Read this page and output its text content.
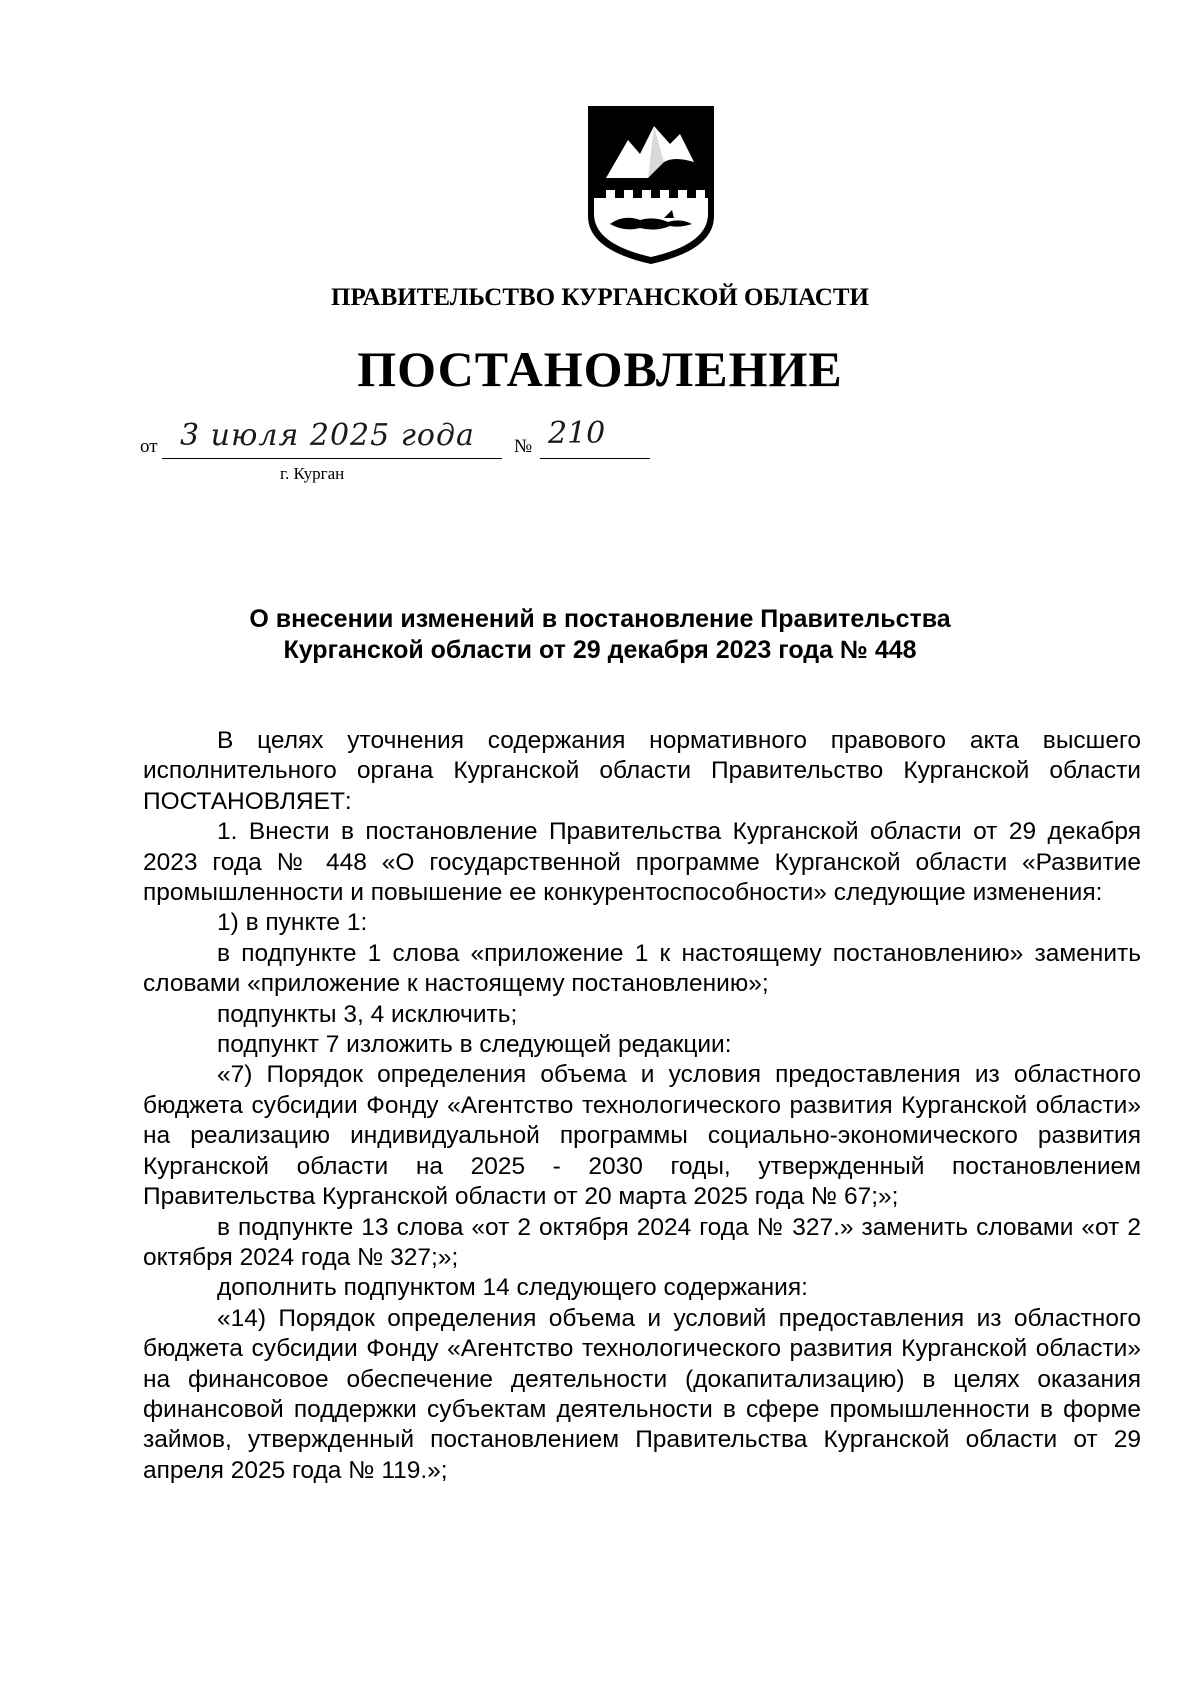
ПРАВИТЕЛЬСТВО КУРГАНСКОЙ ОБЛАСТИ
ПОСТАНОВЛЕНИЕ
от 3 июля 2025 года № 210
г. Курган
О внесении изменений в постановление Правительства
Курганской области от 29 декабря 2023 года № 448

В целях уточнения содержания нормативного правового акта высшего исполнительного органа Курганской области Правительство Курганской области ПОСТАНОВЛЯЕТ:

1. Внести в постановление Правительства Курганской области от 29 декабря 2023 года № 448 «О государственной программе Курганской области «Развитие промышленности и повышение ее конкурентоспособности» следующие изменения:

1) в пункте 1:

в подпункте 1 слова «приложение 1 к настоящему постановлению» заменить словами «приложение к настоящему постановлению»;

подпункты 3, 4 исключить;

подпункт 7 изложить в следующей редакции:

«7) Порядок определения объема и условия предоставления из областного бюджета субсидии Фонду «Агентство технологического развития Курганской области» на реализацию индивидуальной программы социально-экономического развития Курганской области на 2025 - 2030 годы, утвержденный постановлением Правительства Курганской области от 20 марта 2025 года № 67;»;

в подпункте 13 слова «от 2 октября 2024 года № 327.» заменить словами «от 2 октября 2024 года № 327;»;

дополнить подпунктом 14 следующего содержания:

«14) Порядок определения объема и условий предоставления из областного бюджета субсидии Фонду «Агентство технологического развития Курганской области» на финансовое обеспечение деятельности (докапитализацию) в целях оказания финансовой поддержки субъектам деятельности в сфере промышленности в форме займов, утвержденный постановлением Правительства Курганской области от 29 апреля 2025 года № 119.»;
